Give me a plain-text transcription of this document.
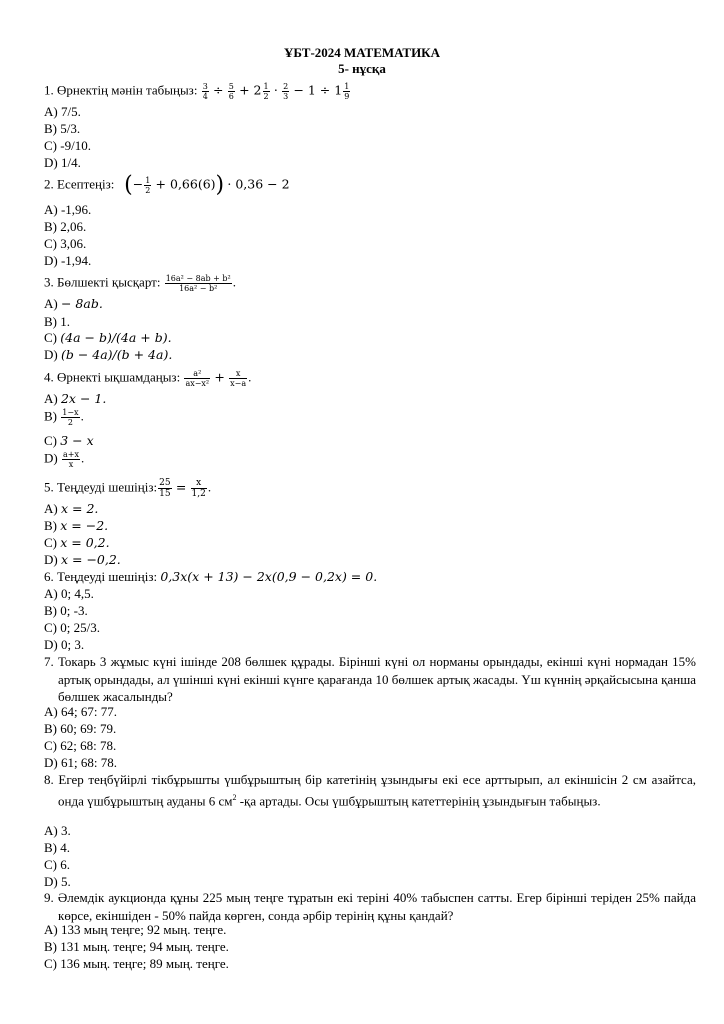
ҰБТ-2024 МАТЕМАТИКА
5- нұсқа
1. Өрнектің мәнін табыңыз: $\frac{3}{4} \div \frac{5}{6} + 2 \frac{1}{2} \cdot \frac{2}{3} - 1 \div 1 \frac{1}{9}$
A) 7/5.
B) 5/3.
C) -9/10.
D) 1/4.
2. Есептеңіз: (− $\frac{1}{2} + 0,66(6)) \cdot 0,36 - 2$
A) -1,96.
B) 2,06.
C) 3,06.
D) -1,94.
3. Бөлшекті қысқарт: $\frac{\text{16a² − 8ab + b²}}{\text{16a² − b²}}$ .
A) − 8ab.
B) 1.
C) (4a − b)/(4a + b).
D) (b − 4a)/(b + 4a).
4. Өрнекті ықшамдаңыз: $\frac{\text{a²}}{\text{ax−x²}} + \frac{x}{x-a}$ .
A) 2x − 1.
$B) \frac{1-x}{2}$ .
C) 3 − x
$D) \frac{a+x}{x}$ .
5. Теңдеуді шешіңіз: $\frac{25}{15} = \frac{x}{1,2}$ .
A) x = 2.
B) x = −2.
C) x = 0,2.
D) x = −0,2.
6. Теңдеуді шешіңіз: 0,3x(x + 13) − 2x(0,9 − 0,2x) = 0.
A) 0; 4,5.
B) 0; -3.
C) 0; 25/3.
D) 0; 3.
7. Токарь 3 жұмыс күні ішінде 208 бөлшек құрады. Бірінші күні ол норманы орындады, екінші күні нормадан 15% артық орындады, ал үшінші күні екінші күнге қарағанда 10 бөлшек артық жасады. Үш күннің әрқайсысына қанша бөлшек жасалынды?
A) 64; 67: 77.
B) 60; 69: 79.
C) 62; 68: 78.
D) 61; 68: 78.
8. Егер теңбүйірлі тікбұрышты үшбұрыштың бір катетінің ұзындығы екі есе арттырып, ал екіншісін 2 см азайтса, онда үшбұрыштың ауданы 6 $см^2$ -қа артады. Осы үшбұрыштың катеттерінің ұзындығын табыңыз.
A) 3.
B) 4.
C) 6.
D) 5.
9. Әлемдік аукционда құны 225 мың теңге тұратын екі теріні 40% табыспен сатты. Егер бірінші теріден 25% пайда көрсе, екіншіден - 50% пайда көрген, сонда әрбір терінің құны қандай?
A) 133 мың теңге; 92 мың. теңге.
B) 131 мың. теңге; 94 мың. теңге.
C) 136 мың. теңге; 89 мың. теңге.
